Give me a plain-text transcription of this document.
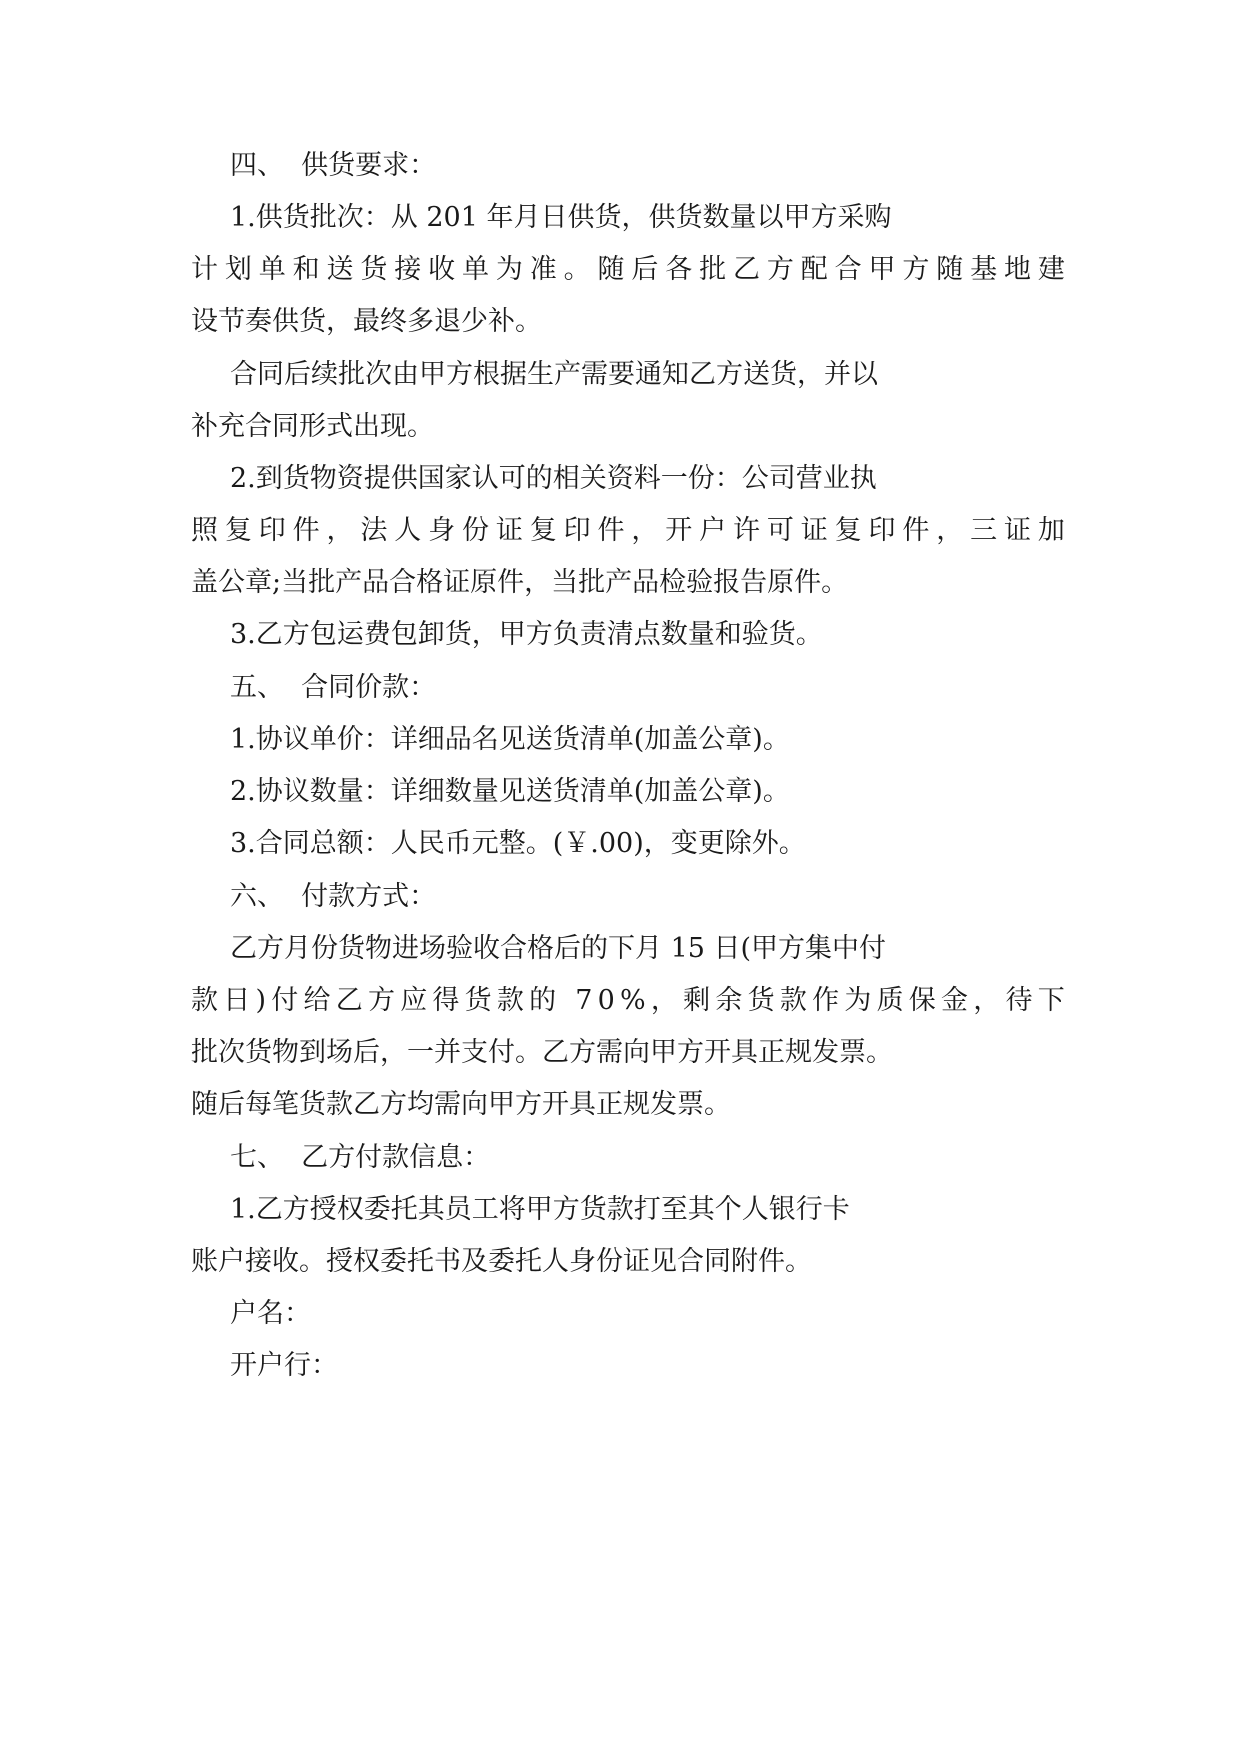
四、  供货要求：
1.供货批次：从 201 年月日供货，供货数量以甲方采购
计 划 单 和 送 货 接 收 单 为 准 。 随 后 各 批 乙 方 配 合 甲 方 随 基 地 建
设节奏供货，最终多退少补。
合同后续批次由甲方根据生产需要通知乙方送货，并以
补充合同形式出现。
2.到货物资提供国家认可的相关资料一份：公司营业执
照 复 印 件 ， 法 人 身 份 证 复 印 件 ， 开 户 许 可 证 复 印 件 ， 三 证 加
盖公章;当批产品合格证原件，当批产品检验报告原件。
3.乙方包运费包卸货，甲方负责清点数量和验货。
五、  合同价款：
1.协议单价：详细品名见送货清单(加盖公章)。
2.协议数量：详细数量见送货清单(加盖公章)。
3.合同总额：人民币元整。(￥.00)，变更除外。
六、  付款方式：
乙方月份货物进场验收合格后的下月 15 日(甲方集中付
款 日 ) 付 给 乙 方 应 得 货 款 的
7 0 % ， 剩 余 货 款 作 为 质 保 金 ， 待 下
批次货物到场后，一并支付。乙方需向甲方开具正规发票。
随后每笔货款乙方均需向甲方开具正规发票。
七、  乙方付款信息：
1.乙方授权委托其员工将甲方货款打至其个人银行卡
账户接收。授权委托书及委托人身份证见合同附件。
户名：
开户行：
